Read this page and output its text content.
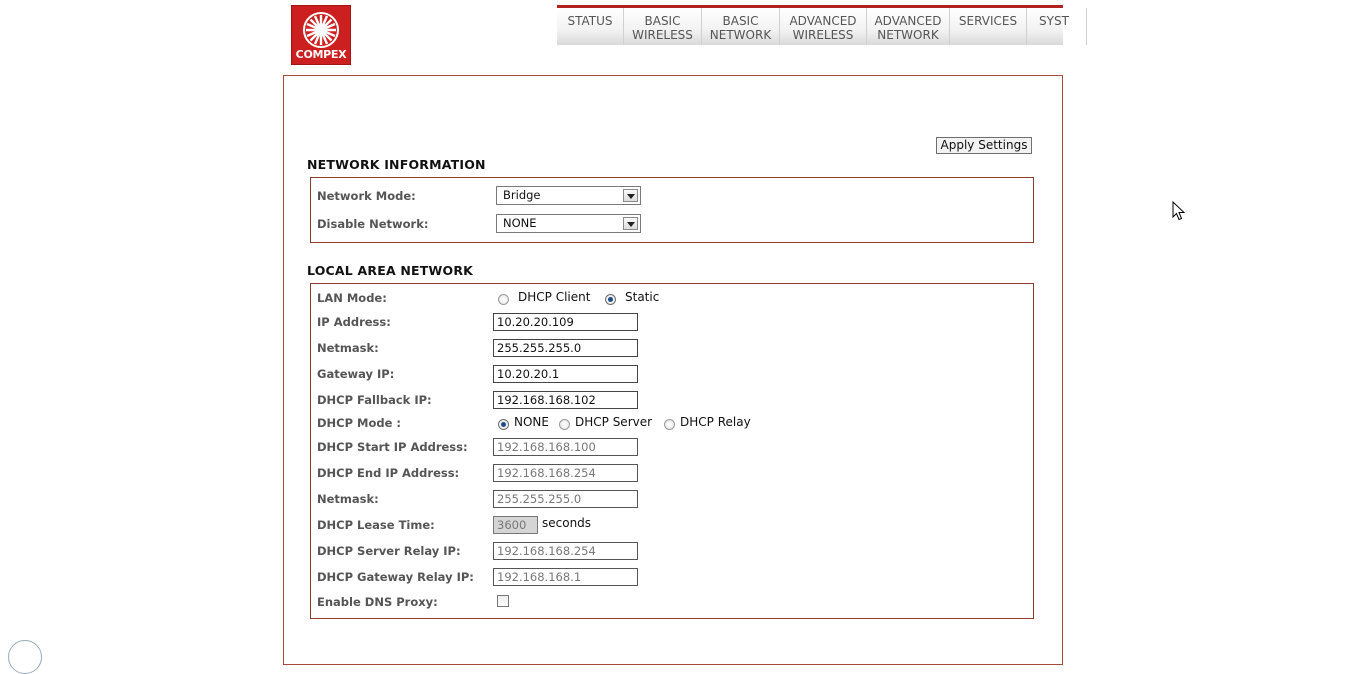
COMPEX
STATUS	BASIC
WIRELESS
BASIC
NETWORK
ADVANCED
WIRELESS
ADVANCED
NETWORK
SERVICES	SYST
Apply Settings
NETWORK INFORMATION
Network Mode:	Bridge
Disable Network:	NONE
LOCAL AREA NETWORK
LAN Mode:	DHCP Client	Static
IP Address:	10.20.20.109
Netmask:	255.255.255.0
Gateway IP:	10.20.20.1
DHCP Fallback IP:	192.168.168.102
DHCP Mode :	NONE DHCP Server DHCP Relay
DHCP Start IP Address:	192.168.168.100
DHCP End IP Address:	192.168.168.254
Netmask:	255.255.255.0
DHCP Lease Time:	3600	seconds
DHCP Server Relay IP:	192.168.168.254
DHCP Gateway Relay IP:	192.168.168.1
Enable DNS Proxy:
